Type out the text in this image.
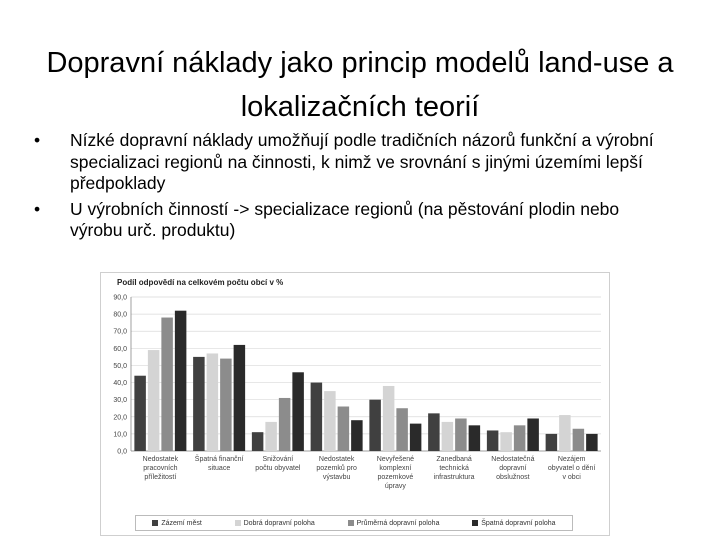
Dopravní náklady jako princip modelů land-use a lokalizačních teorií
• Nízké dopravní náklady umožňují podle tradičních názorů funkční a výrobní specializaci regionů na činnosti, k nimž ve srovnání s jinými územími lepší předpoklady
• U výrobních činností -> specializace regionů (na pěstování plodin nebo výrobu urč. produktu)
Podíl odpovědí na celkovém počtu obcí v %
0,0
10,0
20,0
30,0
40,0
50,0
60,0
70,0
80,0
90,0
Nedostatek
pracovních
příležitostí
Špatná finanční
situace
Snižování
počtu obyvatel
Nedostatek
pozemků pro
výstavbu
Nevyřešené
komplexní
pozemkové
úpravy
Zanedbaná
technická
infrastruktura
Nedostatečná
dopravní
obslužnost
Nezájem
obyvatel o dění
v obci
Zázemí měst	Dobrá dopravní poloha	Průměrná dopravní poloha	Špatná dopravní poloha
